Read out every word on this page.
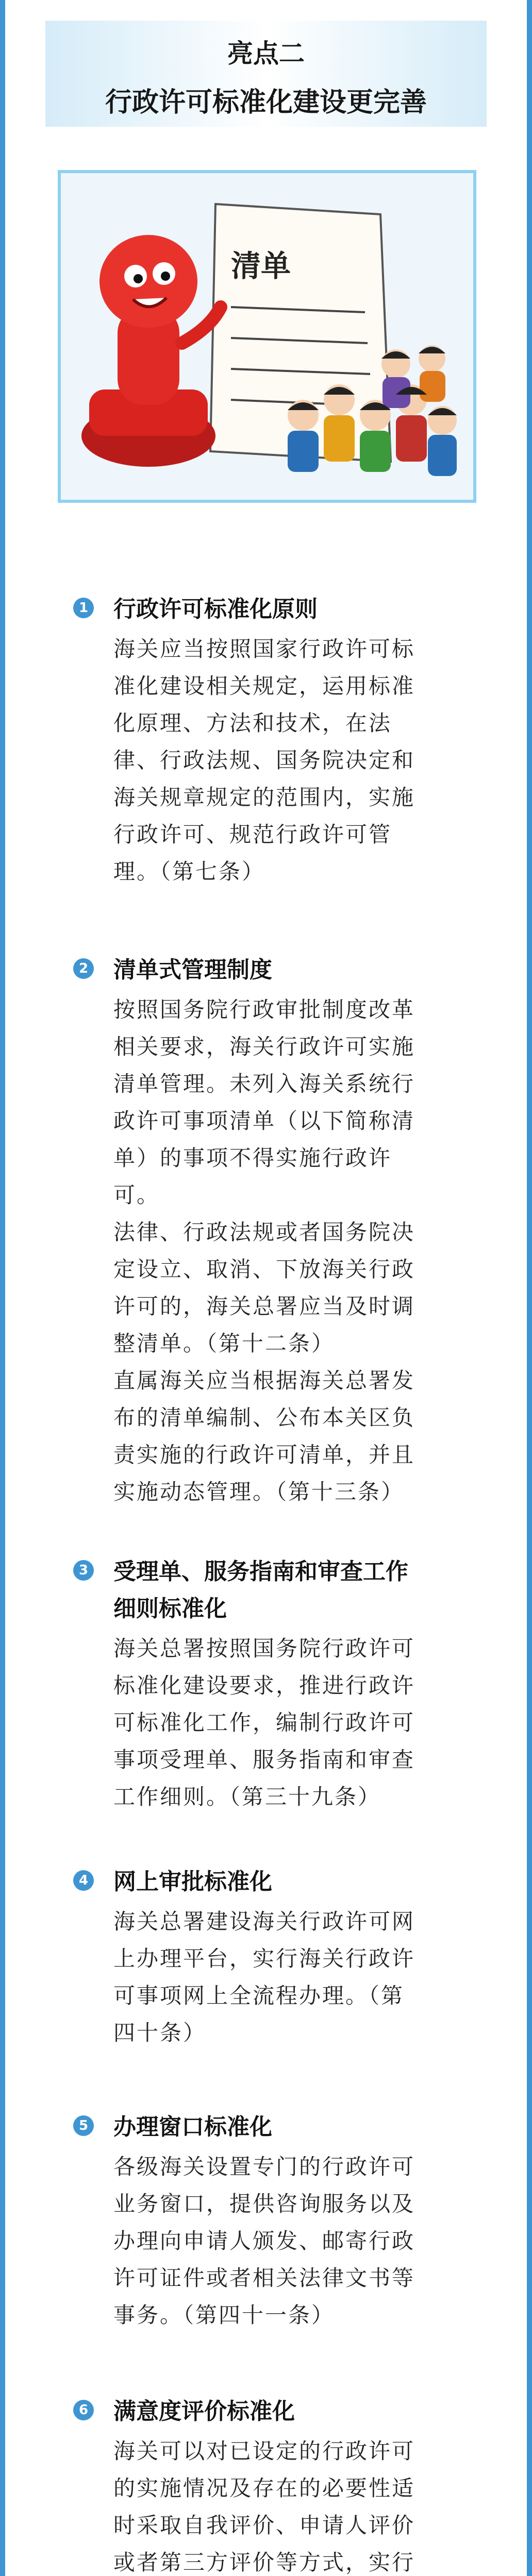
亮点二
行政许可标准化建设更完善
清单
1 行政许可标准化原则
海关应当按照国家行政许可标
准化建设相关规定，运用标准
化原理、方法和技术，在法
律、行政法规、国务院决定和
海关规章规定的范围内，实施
行政许可、规范行政许可管
理。（第七条）
2 清单式管理制度
按照国务院行政审批制度改革
相关要求，海关行政许可实施
清单管理。未列入海关系统行
政许可事项清单（以下简称清
单）的事项不得实施行政许
可。
法律、行政法规或者国务院决
定设立、取消、下放海关行政
许可的，海关总署应当及时调
整清单。（第十二条）
直属海关应当根据海关总署发
布的清单编制、公布本关区负
责实施的行政许可清单，并且
实施动态管理。（第十三条）
3 受理单、服务指南和审查工作
细则标准化
海关总署按照国务院行政许可
标准化建设要求，推进行政许
可标准化工作，编制行政许可
事项受理单、服务指南和审查
工作细则。（第三十九条）
4 网上审批标准化
海关总署建设海关行政许可网
上办理平台，实行海关行政许
可事项网上全流程办理。（第
四十条）
5 办理窗口标准化
各级海关设置专门的行政许可
业务窗口，提供咨询服务以及
办理向申请人颁发、邮寄行政
许可证件或者相关法律文书等
事务。（第四十一条）
6 满意度评价标准化
海关可以对已设定的行政许可
的实施情况及存在的必要性适
时采取自我评价、申请人评价
或者第三方评价等方式，实行
